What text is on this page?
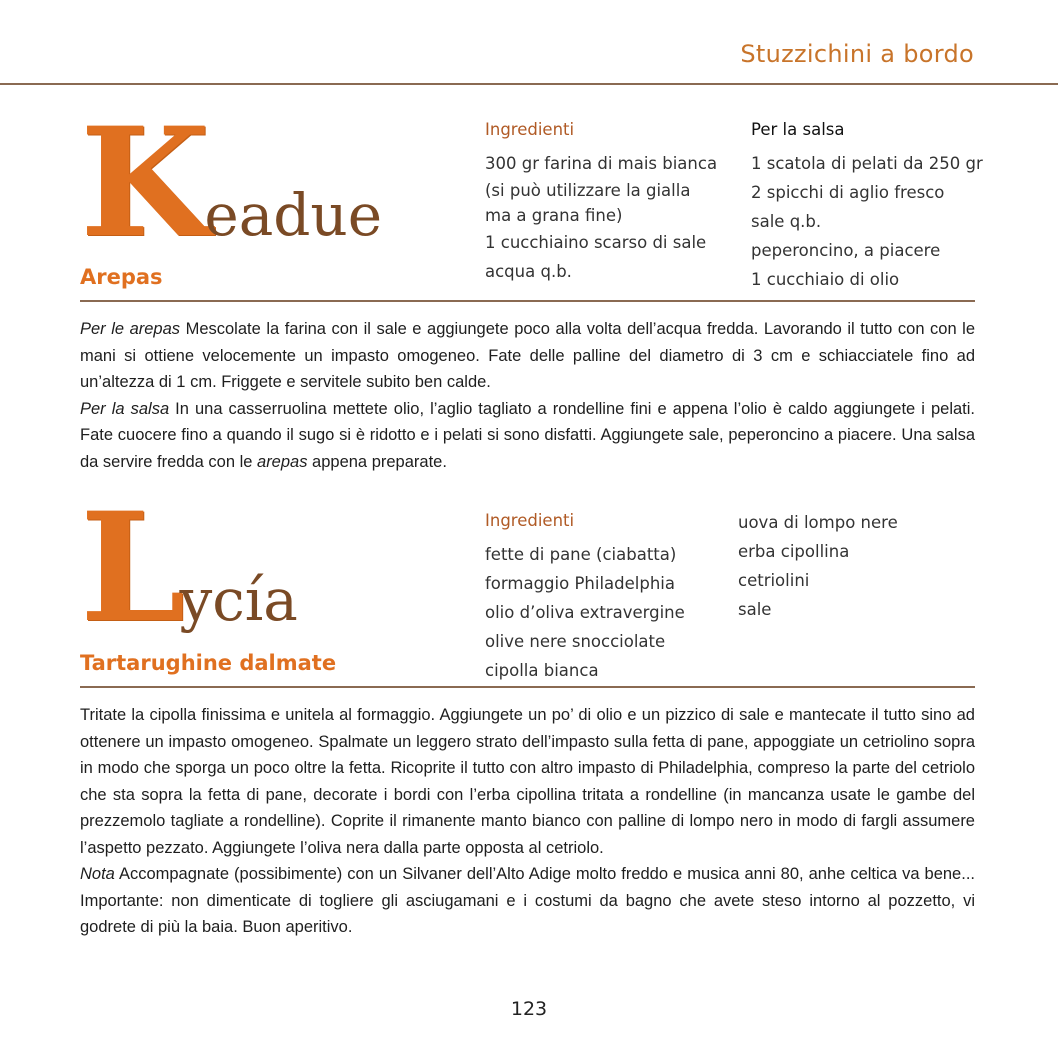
Stuzzichini a bordo
Keadue
Arepas
Ingredienti
300 gr farina di mais bianca
(si può utilizzare la gialla
ma a grana fine)
1 cucchiaino scarso di sale
acqua q.b.
Per la salsa
1 scatola di pelati da 250 gr
2 spicchi di aglio fresco
sale q.b.
peperoncino, a piacere
1 cucchiaio di olio

Per le arepas Mescolate la farina con il sale e aggiungete poco alla volta dell’acqua fredda. Lavorando il tutto con con le mani si ottiene velocemente un impasto omogeneo. Fate delle palline del diametro di 3 cm e schiacciatele fino ad un’altezza di 1 cm. Friggete e servitele subito ben calde.

Per la salsa In una casserruolina mettete olio, l’aglio tagliato a rondelline fini e appena l’olio è caldo aggiungete i pelati. Fate cuocere fino a quando il sugo si è ridotto e i pelati si sono disfatti. Aggiungete sale, peperoncino a piacere. Una salsa da servire fredda con le arepas appena preparate.

Lycía
Tartarughine dalmate
Ingredienti
fette di pane (ciabatta)
formaggio Philadelphia
olio d’oliva extravergine
olive nere snocciolate
cipolla bianca
uova di lompo nere
erba cipollina
cetriolini
sale

Tritate la cipolla finissima e unitela al formaggio. Aggiungete un po’ di olio e un pizzico di sale e mantecate il tutto sino ad ottenere un impasto omogeneo. Spalmate un leggero strato dell’impasto sulla fetta di pane, appoggiate un cetriolino sopra in modo che sporga un poco oltre la fetta. Ricoprite il tutto con altro impasto di Philadelphia, compreso la parte del cetriolo che sta sopra la fetta di pane, decorate i bordi con l’erba cipollina tritata a rondelline (in mancanza usate le gambe del prezzemolo tagliate a rondelline). Coprite il rimanente manto bianco con palline di lompo nero in modo di fargli assumere l’aspetto pezzato. Aggiungete l’oliva nera dalla parte opposta al cetriolo.

Nota Accompagnate (possibimente) con un Silvaner dell’Alto Adige molto freddo e musica anni 80, anhe celtica va bene... Importante: non dimenticate di togliere gli asciugamani e i costumi da bagno che avete steso intorno al pozzetto, vi godrete di più la baia. Buon aperitivo.

123
